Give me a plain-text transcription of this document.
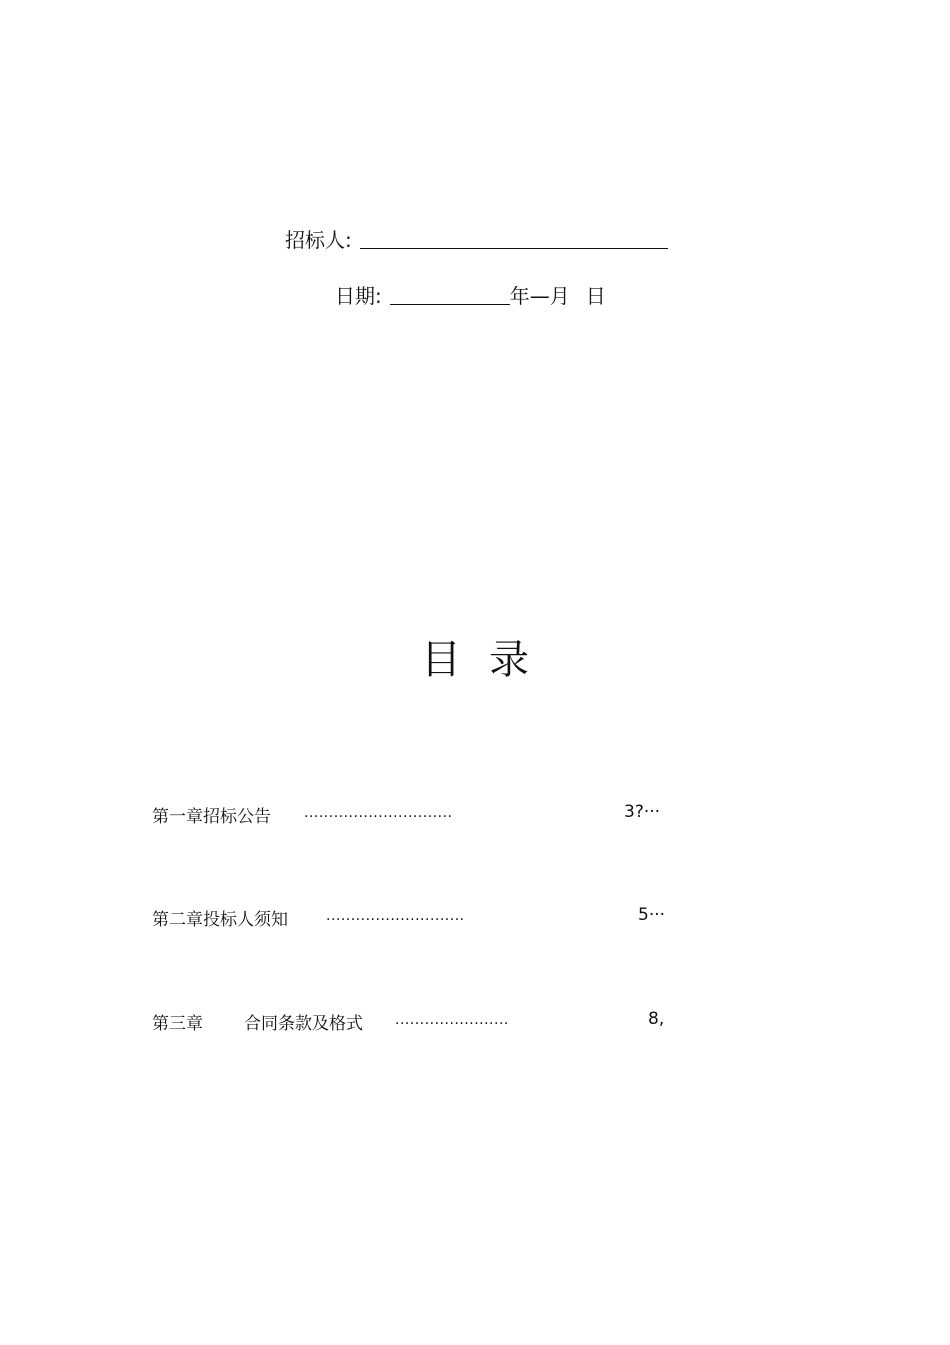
招标人:
日期:	年—月 日
目录
第一章招标公告 ..............................	3?···
第二章投标人须知	............................	5···
第三章 合同条款及格式 .......................	8,
